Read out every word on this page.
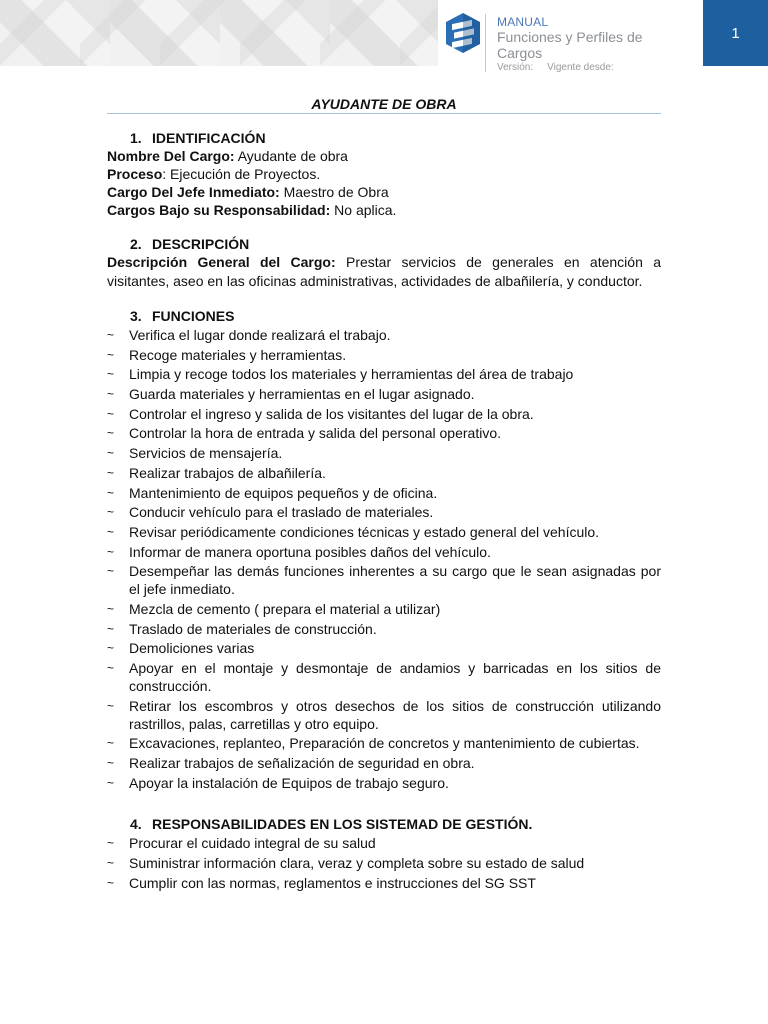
MANUAL
Funciones y Perfiles de Cargos
Versión: Vigente desde:
1
AYUDANTE DE OBRA

1. IDENTIFICACIÓN

Nombre Del Cargo: Ayudante de obra

Proceso: Ejecución de Proyectos.

Cargo Del Jefe Inmediato: Maestro de Obra

Cargos Bajo su Responsabilidad: No aplica.

2. DESCRIPCIÓN

Descripción General del Cargo: Prestar servicios de generales en atención a visitantes, aseo en las oficinas administrativas, actividades de albañilería, y conductor.

3. FUNCIONES

~ Verifica el lugar donde realizará el trabajo.
~ Recoge materiales y herramientas.
~ Limpia y recoge todos los materiales y herramientas del área de trabajo
~ Guarda materiales y herramientas en el lugar asignado.
~ Controlar el ingreso y salida de los visitantes del lugar de la obra.
~ Controlar la hora de entrada y salida del personal operativo.
~ Servicios de mensajería.
~ Realizar trabajos de albañilería.
~ Mantenimiento de equipos pequeños y de oficina.
~ Conducir vehículo para el traslado de materiales.
~ Revisar periódicamente condiciones técnicas y estado general del vehículo.
~ Informar de manera oportuna posibles daños del vehículo.
~ Desempeñar las demás funciones inherentes a su cargo que le sean asignadas por el jefe inmediato.
~ Mezcla de cemento ( prepara el material a utilizar)
~ Traslado de materiales de construcción.
~ Demoliciones varias
~ Apoyar en el montaje y desmontaje de andamios y barricadas en los sitios de construcción.
~ Retirar los escombros y otros desechos de los sitios de construcción utilizando rastrillos, palas, carretillas y otro equipo.
~ Excavaciones, replanteo, Preparación de concretos y mantenimiento de cubiertas.
~ Realizar trabajos de señalización de seguridad en obra.
~ Apoyar la instalación de Equipos de trabajo seguro.

4. RESPONSABILIDADES EN LOS SISTEMAD DE GESTIÓN.

~ Procurar el cuidado integral de su salud
~ Suministrar información clara, veraz y completa sobre su estado de salud
~ Cumplir con las normas, reglamentos e instrucciones del SG SST
